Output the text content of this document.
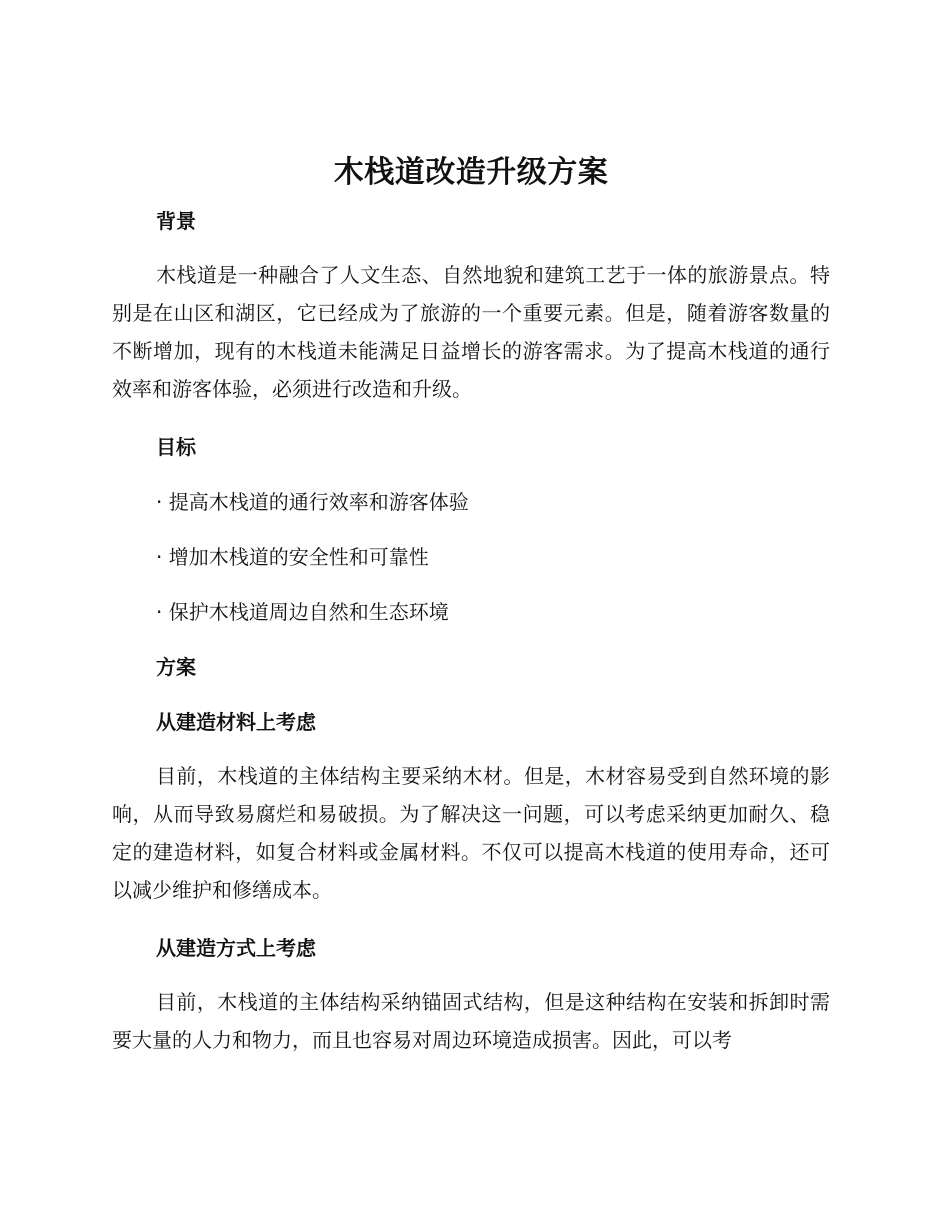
木栈道改造升级方案
背景

木栈道是一种融合了人文生态、自然地貌和建筑工艺于一体的旅游景点。特别是在山区和湖区，它已经成为了旅游的一个重要元素。但是，随着游客数量的不断增加，现有的木栈道未能满足日益增长的游客需求。为了提高木栈道的通行效率和游客体验，必须进行改造和升级。

目标

· 提高木栈道的通行效率和游客体验

· 增加木栈道的安全性和可靠性

· 保护木栈道周边自然和生态环境

方案
从建造材料上考虑

目前，木栈道的主体结构主要采纳木材。但是，木材容易受到自然环境的影响，从而导致易腐烂和易破损。为了解决这一问题，可以考虑采纳更加耐久、稳定的建造材料，如复合材料或金属材料。不仅可以提高木栈道的使用寿命，还可以减少维护和修缮成本。

从建造方式上考虑

目前，木栈道的主体结构采纳锚固式结构，但是这种结构在安装和拆卸时需要大量的人力和物力，而且也容易对周边环境造成损害。因此，可以考
